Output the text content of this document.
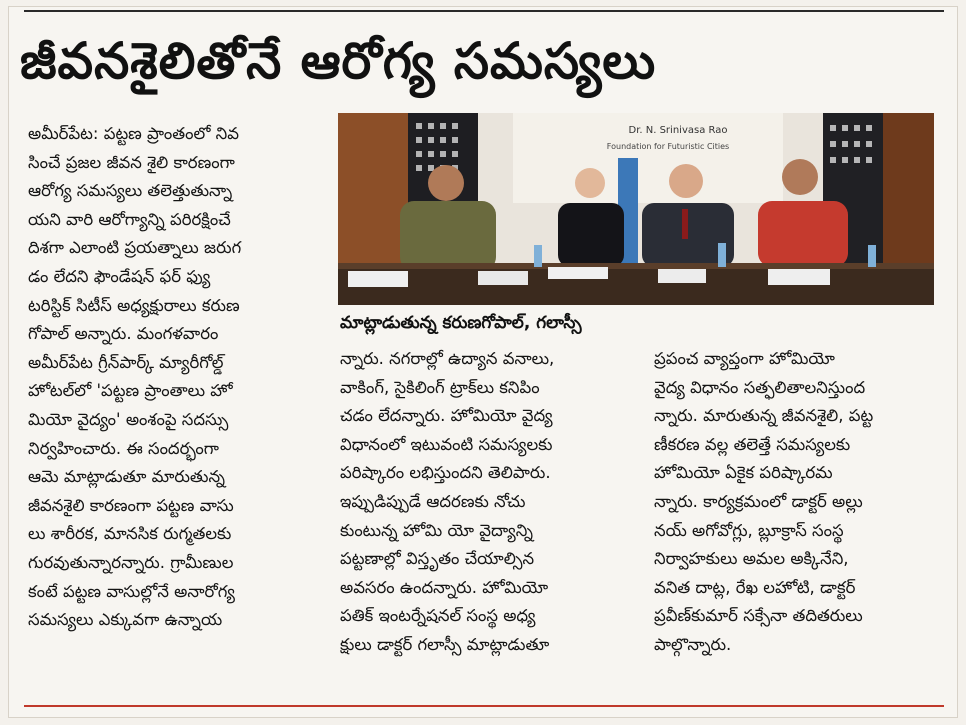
జీవనశైలితోనే ఆరోగ్య సమస్యలు
అమీర్‌పేట: పట్టణ ప్రాంతంలో నివ
సించే ప్రజల జీవన శైలి కారణంగా
ఆరోగ్య సమస్యలు తలెత్తుతున్నా
యని వారి ఆరోగ్యాన్ని పరిరక్షించే
దిశగా ఎలాంటి ప్రయత్నాలు జరుగ
డం లేదని ఫౌండేషన్ ఫర్ ఫ్యు
టరిస్టిక్ సిటీస్ అధ్యక్షురాలు కరుణ
గోపాల్ అన్నారు. మంగళవారం
అమీర్‌పేట గ్రీన్‌పార్క్ మ్యారీగోల్డ్
హోటల్‌లో 'పట్టణ ప్రాంతాలు హో
మియో వైద్యం' అంశంపై సదస్సు
నిర్వహించారు. ఈ సందర్భంగా
ఆమె మాట్లాడుతూ మారుతున్న
జీవనశైలి కారణంగా పట్టణ వాసు
లు శారీరక, మానసిక రుగ్మతలకు
గురవుతున్నారన్నారు. గ్రామీణుల
కంటే పట్టణ వాసుల్లోనే అనారోగ్య
సమస్యలు ఎక్కువగా ఉన్నాయ
Dr. N. Srinivasa Rao
Foundation for Futuristic Cities
మాట్లాడుతున్న కరుణగోపాల్, గలాస్సీ
న్నారు. నగరాల్లో ఉద్యాన వనాలు,
వాకింగ్, సైకిలింగ్ ట్రాక్‌లు కనిపిం
చడం లేదన్నారు. హోమియో వైద్య
విధానంలో ఇటువంటి సమస్యలకు
పరిష్కారం లభిస్తుందని తెలిపారు.
ఇప్పుడిప్పుడే ఆదరణకు నోచు
కుంటున్న హోమి యో వైద్యాన్ని
పట్టణాల్లో విస్తృతం చేయాల్సిన
అవసరం ఉందన్నారు. హోమియో
పతిక్ ఇంటర్నేషనల్ సంస్థ అధ్య
క్షులు డాక్టర్ గలాస్సీ మాట్లాడుతూ
ప్రపంచ వ్యాప్తంగా హోమియో
వైద్య విధానం సత్ఫలితాలనిస్తుంద
న్నారు. మారుతున్న జీవనశైలి, పట్ట
ణీకరణ వల్ల తలెత్తే సమస్యలకు
హోమియో ఏకైక పరిష్కారమ
న్నారు. కార్యక్రమంలో డాక్టర్ అల్లు
నయ్ అగోవోగ్లు, బ్లూక్రాస్ సంస్థ
నిర్వాహకులు అమల అక్కినేని,
వనిత దాట్ల, రేఖ లహోటి, డాక్టర్
ప్రవీణ్‌కుమార్ సక్సేనా తదితరులు
పాల్గొన్నారు.
